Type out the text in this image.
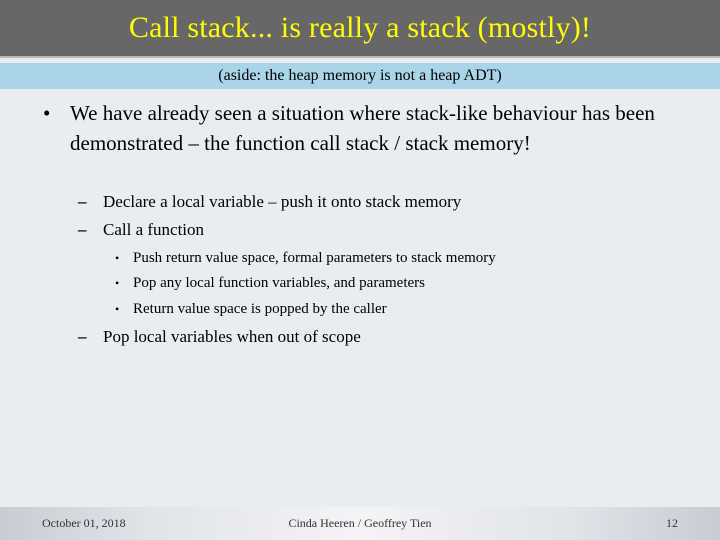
Call stack... is really a stack (mostly)!
(aside: the heap memory is not a heap ADT)
• We have already seen a situation where stack-like behaviour has been demonstrated – the function call stack / stack memory!
– Declare a local variable – push it onto stack memory
– Call a function
• Push return value space, formal parameters to stack memory
• Pop any local function variables, and parameters
• Return value space is popped by the caller
– Pop local variables when out of scope
October 01, 2018	Cinda Heeren / Geoffrey Tien	12
